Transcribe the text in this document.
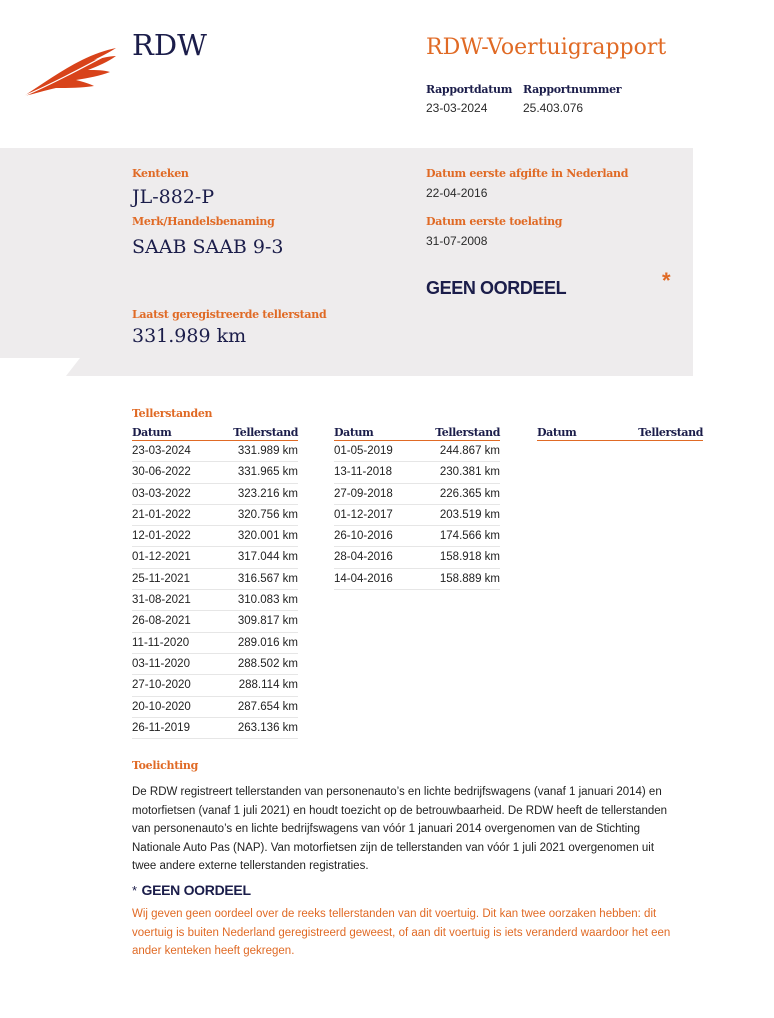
RDW	RDW-Voertuigrapport
Rapportdatum
23-03-2024
Rapportnummer
25.403.076
Kenteken
JL-882-P
Merk/Handelsbenaming
SAAB SAAB 9-3
Datum eerste afgifte in Nederland
22-04-2016
Datum eerste toelating
31-07-2008
GEEN OORDEEL	*
Laatst geregistreerde tellerstand
331.989 km
Tellerstanden
Datum	Tellerstand
23-03-2024	331.989 km
30-06-2022	331.965 km
03-03-2022	323.216 km
21-01-2022	320.756 km
12-01-2022	320.001 km
01-12-2021	317.044 km
25-11-2021	316.567 km
31-08-2021	310.083 km
26-08-2021	309.817 km
11-11-2020	289.016 km
03-11-2020	288.502 km
27-10-2020	288.114 km
20-10-2020	287.654 km
26-11-2019	263.136 km
Datum	Tellerstand
01-05-2019	244.867 km
13-11-2018	230.381 km
27-09-2018	226.365 km
01-12-2017	203.519 km
26-10-2016	174.566 km
28-04-2016	158.918 km
14-04-2016	158.889 km
Datum	Tellerstand
Toelichting
De RDW registreert tellerstanden van personenauto’s en lichte bedrijfswagens (vanaf 1 januari 2014) en
motorfietsen (vanaf 1 juli 2021) en houdt toezicht op de betrouwbaarheid. De RDW heeft de tellerstanden
van personenauto’s en lichte bedrijfswagens van vóór 1 januari 2014 overgenomen van de Stichting
Nationale Auto Pas (NAP). Van motorfietsen zijn de tellerstanden van vóór 1 juli 2021 overgenomen uit
twee andere externe tellerstanden registraties.
* GEEN OORDEEL
Wij geven geen oordeel over de reeks tellerstanden van dit voertuig. Dit kan twee oorzaken hebben: dit
voertuig is buiten Nederland geregistreerd geweest, of aan dit voertuig is iets veranderd waardoor het een
ander kenteken heeft gekregen.
